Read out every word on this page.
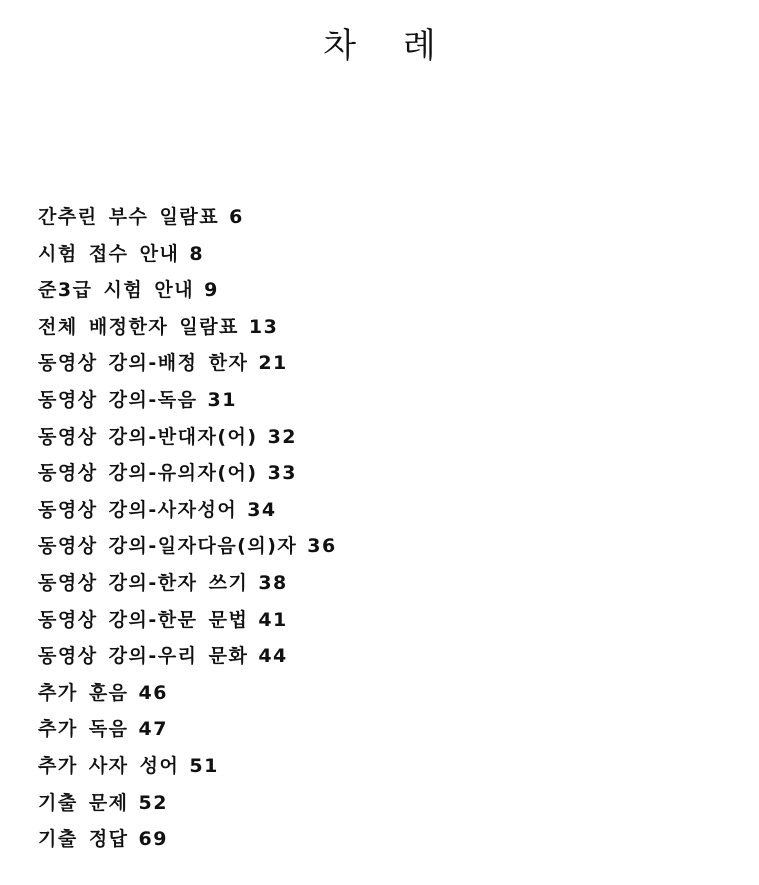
차 례
간추린 부수 일람표 6
시험 접수 안내 8
준3급 시험 안내 9
전체 배정한자 일람표 13
동영상 강의-배정 한자 21
동영상 강의-독음 31
동영상 강의-반대자(어) 32
동영상 강의-유의자(어) 33
동영상 강의-사자성어 34
동영상 강의-일자다음(의)자 36
동영상 강의-한자 쓰기 38
동영상 강의-한문 문법 41
동영상 강의-우리 문화 44
추가 훈음 46
추가 독음 47
추가 사자 성어 51
기출 문제 52
기출 정답 69
